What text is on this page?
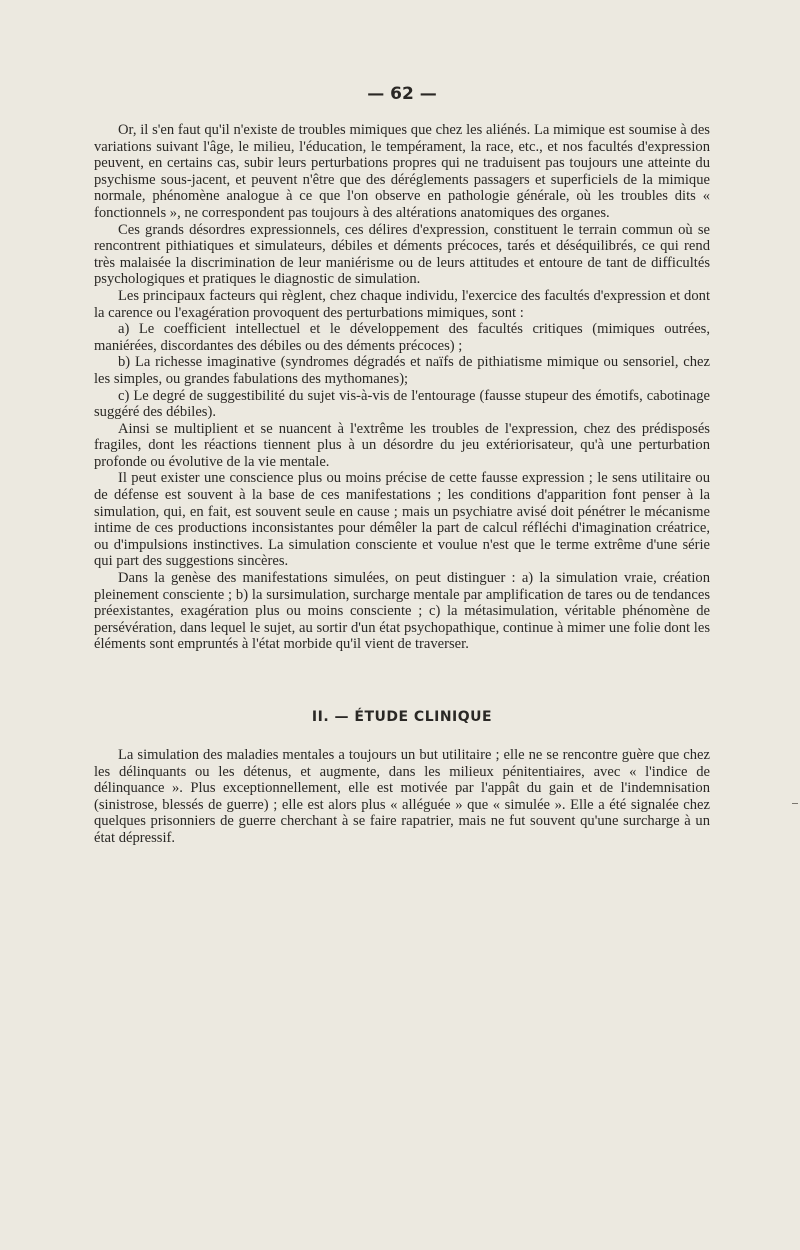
— 62 —

Or, il s'en faut qu'il n'existe de troubles mimiques que chez les aliénés. La mimique est soumise à des variations suivant l'âge, le milieu, l'éducation, le tempérament, la race, etc., et nos facultés d'expression peuvent, en certains cas, subir leurs perturbations propres qui ne traduisent pas toujours une atteinte du psychisme sous-jacent, et peuvent n'être que des déréglements passagers et superficiels de la mimique normale, phénomène analogue à ce que l'on observe en pathologie générale, où les troubles dits « fonctionnels », ne correspondent pas toujours à des altérations anatomiques des organes.

Ces grands désordres expressionnels, ces délires d'expression, constituent le terrain commun où se rencontrent pithiatiques et simulateurs, débiles et déments précoces, tarés et déséquilibrés, ce qui rend très malaisée la discrimination de leur maniérisme ou de leurs attitudes et entoure de tant de difficultés psychologiques et pratiques le diagnostic de simulation.

Les principaux facteurs qui règlent, chez chaque individu, l'exercice des facultés d'expression et dont la carence ou l'exagération provoquent des perturbations mimiques, sont :

a) Le coefficient intellectuel et le développement des facultés critiques (mimiques outrées, maniérées, discordantes des débiles ou des déments précoces) ;

b) La richesse imaginative (syndromes dégradés et naïfs de pithiatisme mimique ou sensoriel, chez les simples, ou grandes fabulations des mythomanes);

c) Le degré de suggestibilité du sujet vis-à-vis de l'entourage (fausse stupeur des émotifs, cabotinage suggéré des débiles).

Ainsi se multiplient et se nuancent à l'extrême les troubles de l'expression, chez des prédisposés fragiles, dont les réactions tiennent plus à un désordre du jeu extériorisateur, qu'à une perturbation profonde ou évolutive de la vie mentale.

Il peut exister une conscience plus ou moins précise de cette fausse expression ; le sens utilitaire ou de défense est souvent à la base de ces manifestations ; les conditions d'apparition font penser à la simulation, qui, en fait, est souvent seule en cause ; mais un psychiatre avisé doit pénétrer le mécanisme intime de ces productions inconsistantes pour démêler la part de calcul réfléchi d'imagination créatrice, ou d'impulsions instinctives. La simulation consciente et voulue n'est que le terme extrême d'une série qui part des suggestions sincères.

Dans la genèse des manifestations simulées, on peut distinguer : a) la simulation vraie, création pleinement consciente ; b) la sursimulation, surcharge mentale par amplification de tares ou de tendances préexistantes, exagération plus ou moins consciente ; c) la métasimulation, véritable phénomène de persévération, dans lequel le sujet, au sortir d'un état psychopathique, continue à mimer une folie dont les éléments sont empruntés à l'état morbide qu'il vient de traverser.

II. — ÉTUDE CLINIQUE

La simulation des maladies mentales a toujours un but utilitaire ; elle ne se rencontre guère que chez les délinquants ou les détenus, et augmente, dans les milieux pénitentiaires, avec « l'indice de délinquance ». Plus exceptionnellement, elle est motivée par l'appât du gain et de l'indemnisation (sinistrose, blessés de guerre) ; elle est alors plus « alléguée » que « simulée ». Elle a été signalée chez quelques prisonniers de guerre cherchant à se faire rapatrier, mais ne fut souvent qu'une surcharge à un état dépressif.
